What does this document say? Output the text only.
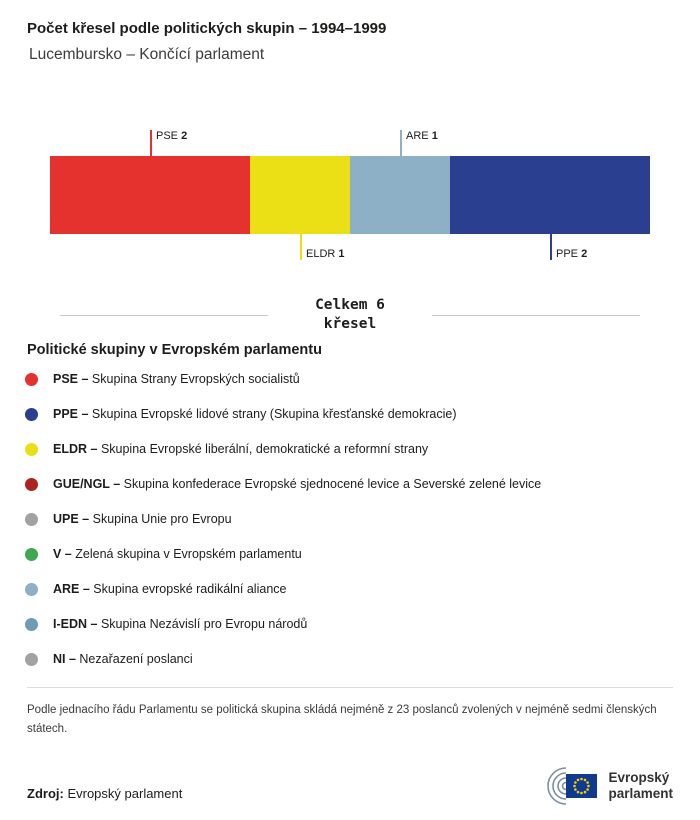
Počet křesel podle politických skupin – 1994–1999
Lucembursko – Končící parlament
PSE 2
ELDR 1
ARE 1
PPE 2
Celkem 6
křesel
Politické skupiny v Evropském parlamentu
PSE – Skupina Strany Evropských socialistů
PPE – Skupina Evropské lidové strany (Skupina křesťanské demokracie)
ELDR – Skupina Evropské liberální, demokratické a reformní strany
GUE/NGL – Skupina konfederace Evropské sjednocené levice a Severské zelené levice
UPE – Skupina Unie pro Evropu
V – Zelená skupina v Evropském parlamentu
ARE – Skupina evropské radikální aliance
I-EDN – Skupina Nezávislí pro Evropu národů
NI – Nezařazení poslanci

Podle jednacího řádu Parlamentu se politická skupina skládá nejméně z 23 poslanců zvolených v nejméně sedmi členských státech.

Zdroj: Evropský parlament

Evropský
parlament
